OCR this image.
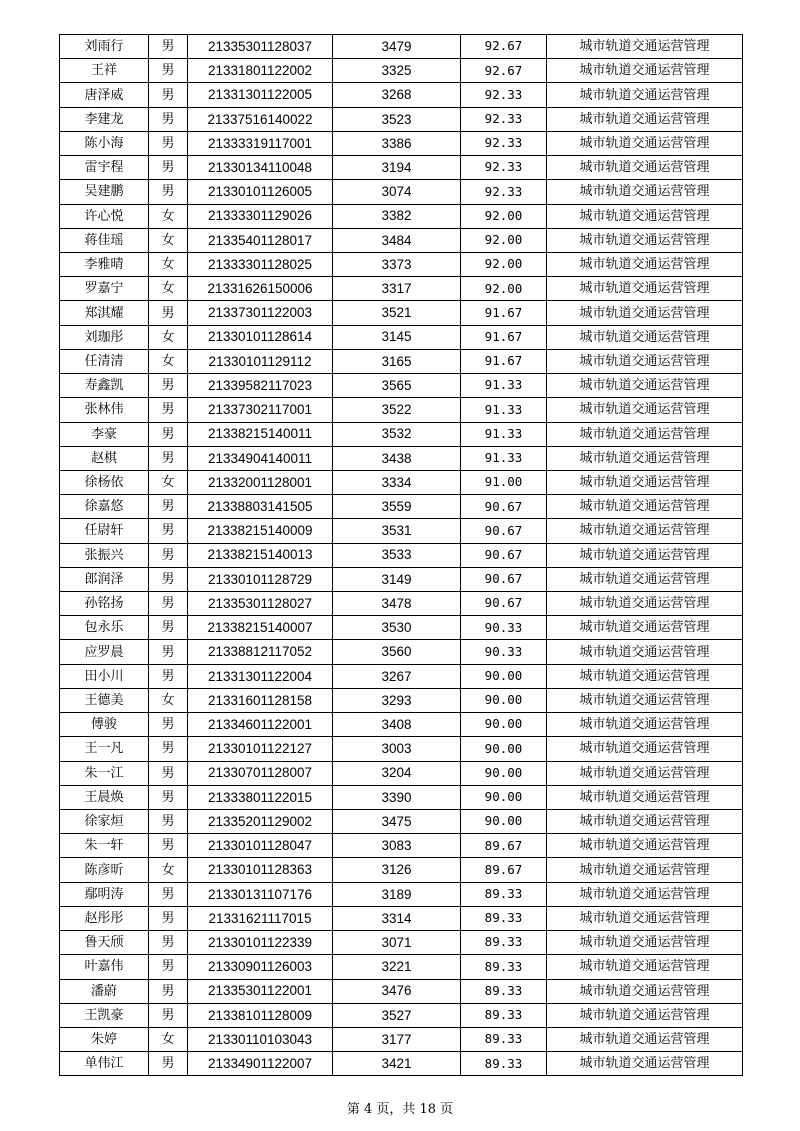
刘雨行	男	21335301128037	3479	92.67	城市轨道交通运营管理
王祥	男	21331801122002	3325	92.67	城市轨道交通运营管理
唐泽威	男	21331301122005	3268	92.33	城市轨道交通运营管理
李建龙	男	21337516140022	3523	92.33	城市轨道交通运营管理
陈小海	男	21333319117001	3386	92.33	城市轨道交通运营管理
雷宇程	男	21330134110048	3194	92.33	城市轨道交通运营管理
吴建鹏	男	21330101126005	3074	92.33	城市轨道交通运营管理
许心悦	女	21333301129026	3382	92.00	城市轨道交通运营管理
蒋佳瑶	女	21335401128017	3484	92.00	城市轨道交通运营管理
李雅晴	女	21333301128025	3373	92.00	城市轨道交通运营管理
罗嘉宁	女	21331626150006	3317	92.00	城市轨道交通运营管理
郑淇耀	男	21337301122003	3521	91.67	城市轨道交通运营管理
刘珈彤	女	21330101128614	3145	91.67	城市轨道交通运营管理
任清清	女	21330101129112	3165	91.67	城市轨道交通运营管理
寿鑫凯	男	21339582117023	3565	91.33	城市轨道交通运营管理
张林伟	男	21337302117001	3522	91.33	城市轨道交通运营管理
李豪	男	21338215140011	3532	91.33	城市轨道交通运营管理
赵棋	男	21334904140011	3438	91.33	城市轨道交通运营管理
徐杨依	女	21332001128001	3334	91.00	城市轨道交通运营管理
徐嘉悠	男	21338803141505	3559	90.67	城市轨道交通运营管理
任尉轩	男	21338215140009	3531	90.67	城市轨道交通运营管理
张振兴	男	21338215140013	3533	90.67	城市轨道交通运营管理
郎润泽	男	21330101128729	3149	90.67	城市轨道交通运营管理
孙铭扬	男	21335301128027	3478	90.67	城市轨道交通运营管理
包永乐	男	21338215140007	3530	90.33	城市轨道交通运营管理
应罗晨	男	21338812117052	3560	90.33	城市轨道交通运营管理
田小川	男	21331301122004	3267	90.00	城市轨道交通运营管理
王德美	女	21331601128158	3293	90.00	城市轨道交通运营管理
傅骏	男	21334601122001	3408	90.00	城市轨道交通运营管理
王一凡	男	21330101122127	3003	90.00	城市轨道交通运营管理
朱一江	男	21330701128007	3204	90.00	城市轨道交通运营管理
王晨焕	男	21333801122015	3390	90.00	城市轨道交通运营管理
徐家烜	男	21335201129002	3475	90.00	城市轨道交通运营管理
朱一轩	男	21330101128047	3083	89.67	城市轨道交通运营管理
陈彦昕	女	21330101128363	3126	89.67	城市轨道交通运营管理
鄢明涛	男	21330131107176	3189	89.33	城市轨道交通运营管理
赵彤彤	男	21331621117015	3314	89.33	城市轨道交通运营管理
鲁天颀	男	21330101122339	3071	89.33	城市轨道交通运营管理
叶嘉伟	男	21330901126003	3221	89.33	城市轨道交通运营管理
潘蔚	男	21335301122001	3476	89.33	城市轨道交通运营管理
王凯豪	男	21338101128009	3527	89.33	城市轨道交通运营管理
朱婷	女	21330110103043	3177	89.33	城市轨道交通运营管理
单伟江	男	21334901122007	3421	89.33	城市轨道交通运营管理
第 4 页，共 18 页
